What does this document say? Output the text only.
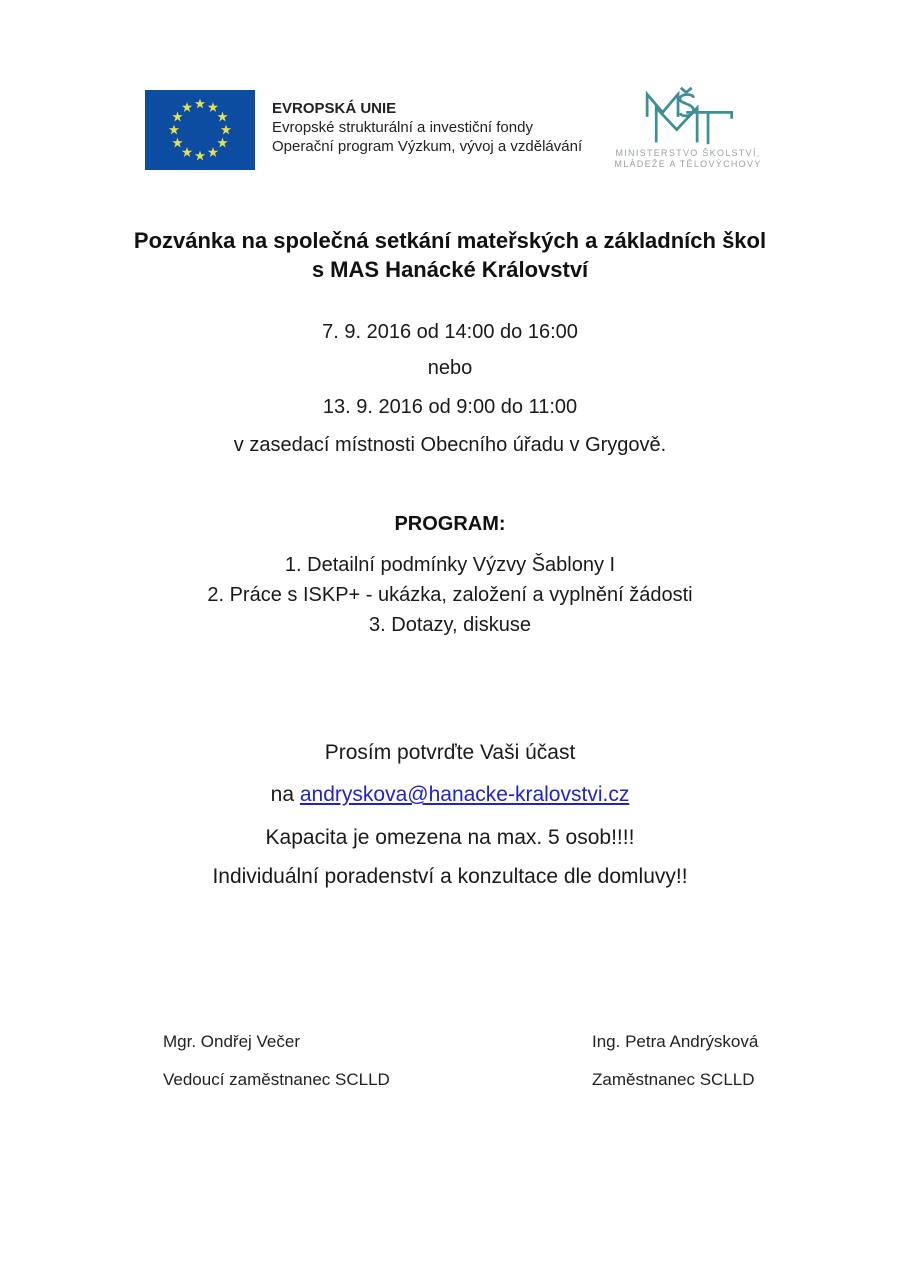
EVROPSKÁ UNIE
Evropské strukturální a investiční fondy
Operační program Výzkum, vývoj a vzdělávání	MINISTERSTVO ŠKOLSTVÍ,
MLÁDEŽE A TĚLOVÝCHOVY
Pozvánka na společná setkání mateřských a základních škol
s MAS Hanácké Království
7. 9. 2016 od 14:00 do 16:00
nebo
13. 9. 2016 od 9:00 do 11:00
v zasedací místnosti Obecního úřadu v Grygově.
PROGRAM:
1. Detailní podmínky Výzvy Šablony I
2. Práce s ISKP+ - ukázka, založení a vyplnění žádosti
3. Dotazy, diskuse
Prosím potvrďte Vaši účast
na andryskova@hanacke-kralovstvi.cz
Kapacita je omezena na max. 5 osob!!!!
Individuální poradenství a konzultace dle domluvy!!
Mgr. Ondřej Večer
Vedoucí zaměstnanec SCLLD
Ing. Petra Andrýsková
Zaměstnanec SCLLD
